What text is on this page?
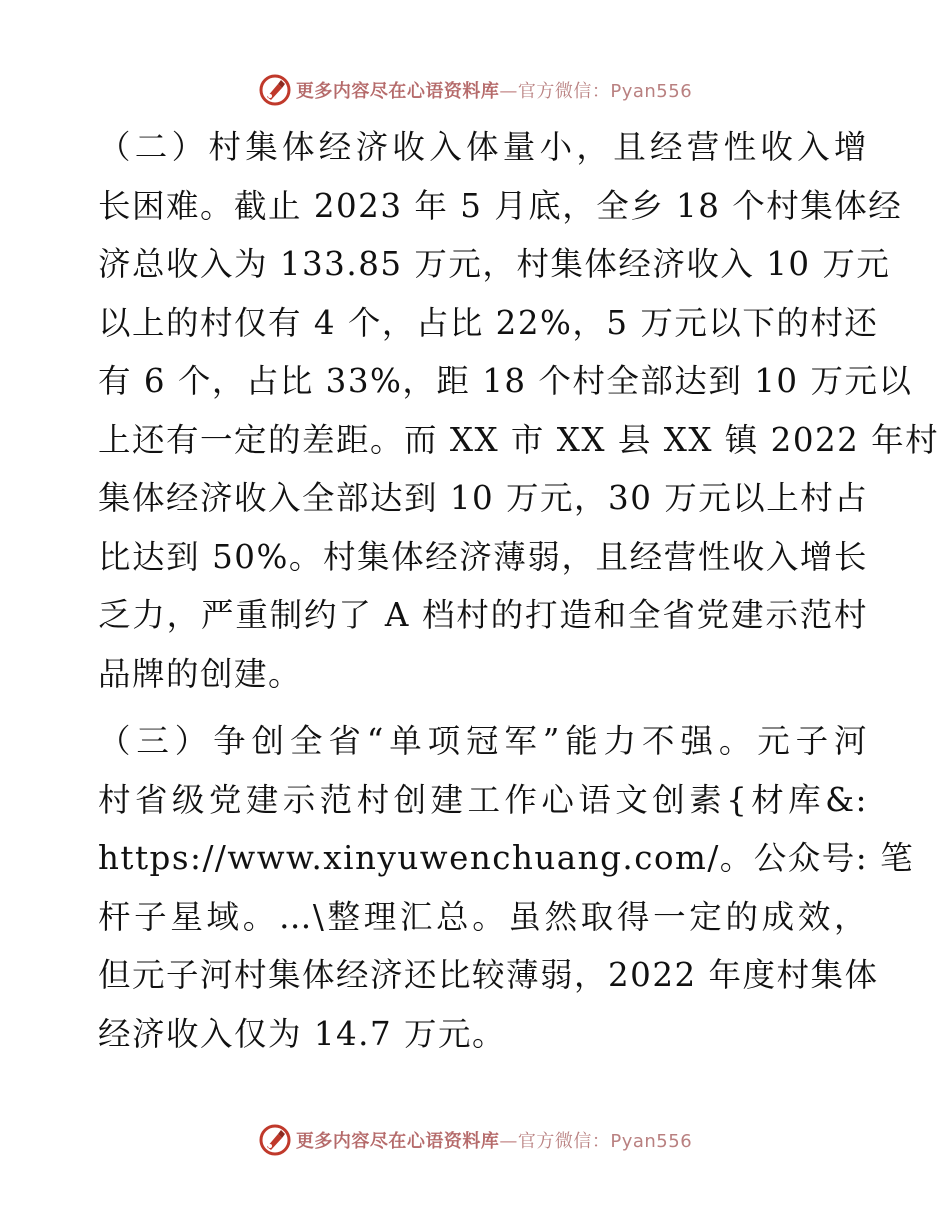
更多内容尽在心语资料库—官方微信：Pyan556
（二）村集体经济收入体量小，且经营性收入增
长困难。截止 2023 年 5 月底，全乡 18 个村集体经
济总收入为 133.85 万元，村集体经济收入 10 万元
以上的村仅有 4 个，占比 22%，5 万元以下的村还
有 6 个，占比 33%，距 18 个村全部达到 10 万元以
上还有一定的差距。而 XX 市 XX 县 XX 镇 2022 年村
集体经济收入全部达到 10 万元，30 万元以上村占
比达到 50%。村集体经济薄弱，且经营性收入增长
乏力，严重制约了 A 档村的打造和全省党建示范村
品牌的创建。
（三）争创全省“单项冠军”能力不强。元子河
村省级党建示范村创建工作心语文创素{材库&:
https://www.xinyuwenchuang.com/。公众号: 笔
杆子星域。…\整理汇总。虽然取得一定的成效，
但元子河村集体经济还比较薄弱，2022 年度村集体
经济收入仅为 14.7 万元。
更多内容尽在心语资料库—官方微信：Pyan556
